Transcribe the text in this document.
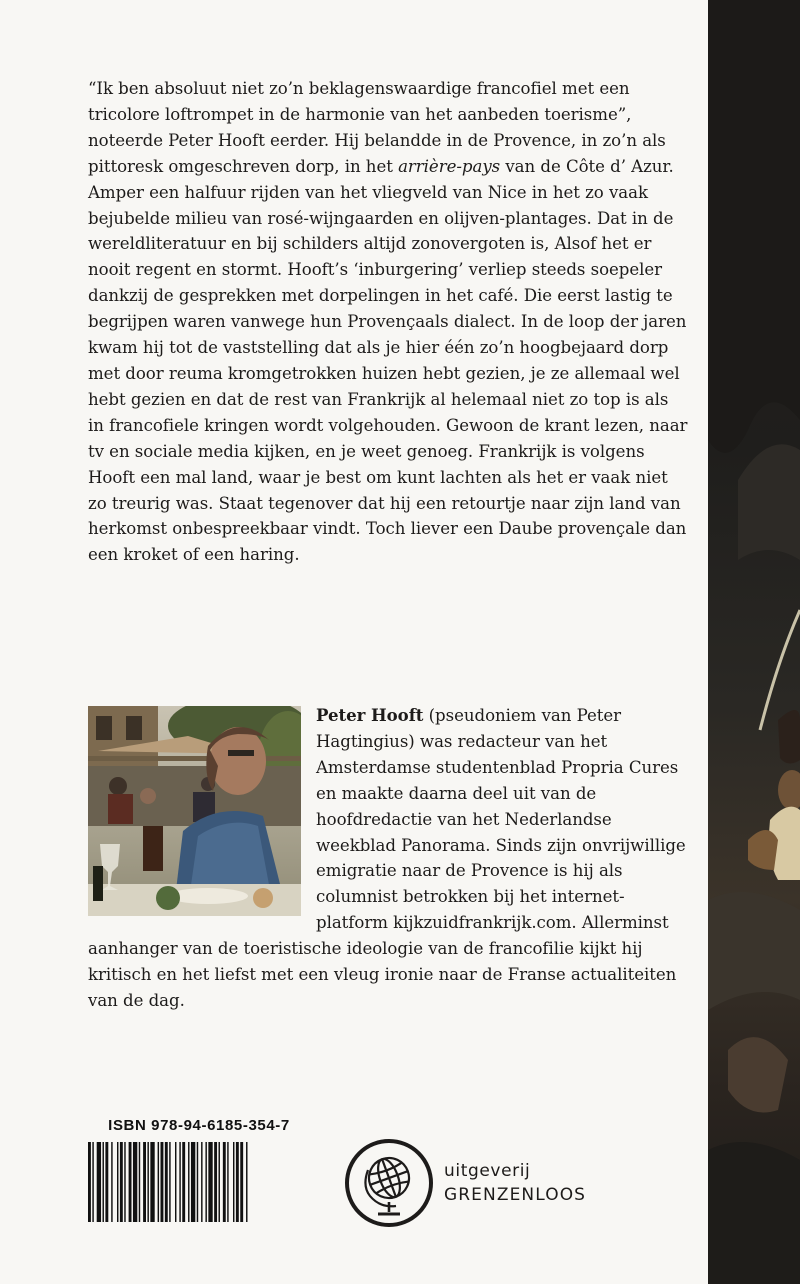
“Ik ben absoluut niet zo’n beklagenswaardige francofiel met een tricolore loftrompet in de harmonie van het aanbeden toerisme”, noteerde Peter Hooft eerder. Hij belandde in de Provence, in zo’n als pittoresk omgeschreven dorp, in het arrière-pays van de Côte d’ Azur. Amper een halfuur rijden van het vliegveld van Nice in het zo vaak bejubelde milieu van rosé-wijngaarden en olijven-plantages. Dat in de wereldliteratuur en bij schilders altijd zonovergoten is, Alsof het er nooit regent en stormt. Hooft’s ‘inburgering’ verliep steeds soepeler dankzij de gesprekken met dorpelingen in het café. Die eerst lastig te begrijpen waren vanwege hun Provençaals dialect. In de loop der jaren kwam hij tot de vaststelling dat als je hier één zo’n hoogbejaard dorp met door reuma kromgetrokken huizen hebt gezien, je ze allemaal wel hebt gezien en dat de rest van Frankrijk al helemaal niet zo top is als in francofiele kringen wordt volgehouden. Gewoon de krant lezen, naar tv en sociale media kijken, en je weet genoeg. Frankrijk is volgens Hooft een mal land, waar je best om kunt lachten als het er vaak niet zo treurig was. Staat tegenover dat hij een retourtje naar zijn land van herkomst onbespreekbaar vindt. Toch liever een Daube provençale dan een kroket of een haring.

Peter Hooft (pseudoniem van Peter Hagtingius) was redacteur van het Amsterdamse studentenblad Propria Cures en maakte daarna deel uit van de hoofdredactie van het Nederlandse weekblad Panorama. Sinds zijn onvrijwillige emigratie naar de Provence is hij als columnist betrokken bij het internet-platform kijkzuidfrankrijk.com. Allerminst aanhanger van de toeristische ideologie van de francofilie kijkt hij kritisch en het liefst met een vleug ironie naar de Franse actualiteiten van de dag.

ISBN 978-94-6185-354-7
uitgeverij
GRENZENLOOS
